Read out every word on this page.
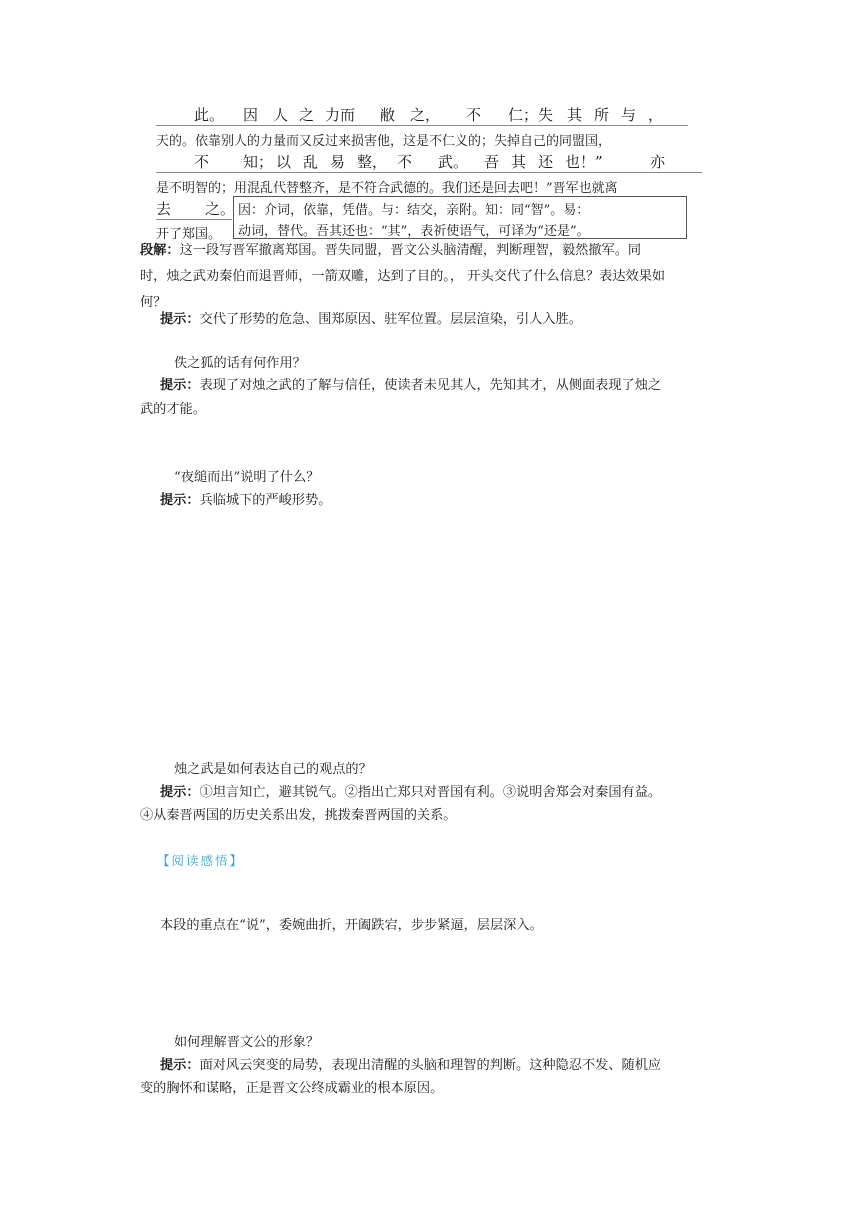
此。 因 人 之 力而 敝 之， 不 仁；失 其 所 与 ，
天的。依靠别人的力量而又反过来损害他，这是不仁义的；失掉自己的同盟国，
不 知； 以 乱 易 整， 不 武。 吾 其 还 也！”	亦
是不明智的；用混乱代替整齐，是不符合武德的。我们还是回去吧！”晋军也就离
去 之。
开了郑国。
因：介词，依靠，凭借。与：结交，亲附。知：同“智”。易：
动词，替代。吾其还也：“其”，表祈使语气，可译为“还是”。
段解：这一段写晋军撤离郑国。晋失同盟，晋文公头脑清醒，判断理智，毅然撤军。同
时，烛之武劝秦伯而退晋师，一箭双雕，达到了目的。， 开头交代了什么信息？表达效果如
何？
提示：交代了形势的危急、围郑原因、驻军位置。层层渲染，引人入胜。
佚之狐的话有何作用？
提示：表现了对烛之武的了解与信任，使读者未见其人，先知其才，从侧面表现了烛之
武的才能。
“夜缒而出”说明了什么？
提示：兵临城下的严峻形势。
烛之武是如何表达自己的观点的？
提示：①坦言知亡，避其锐气。②指出亡郑只对晋国有利。③说明舍郑会对秦国有益。
④从秦晋两国的历史关系出发，挑拨秦晋两国的关系。
【阅读感悟】
本段的重点在“说”，委婉曲折，开阖跌宕，步步紧逼，层层深入。
如何理解晋文公的形象？
提示：面对风云突变的局势，表现出清醒的头脑和理智的判断。这种隐忍不发、随机应
变的胸怀和谋略，正是晋文公终成霸业的根本原因。
